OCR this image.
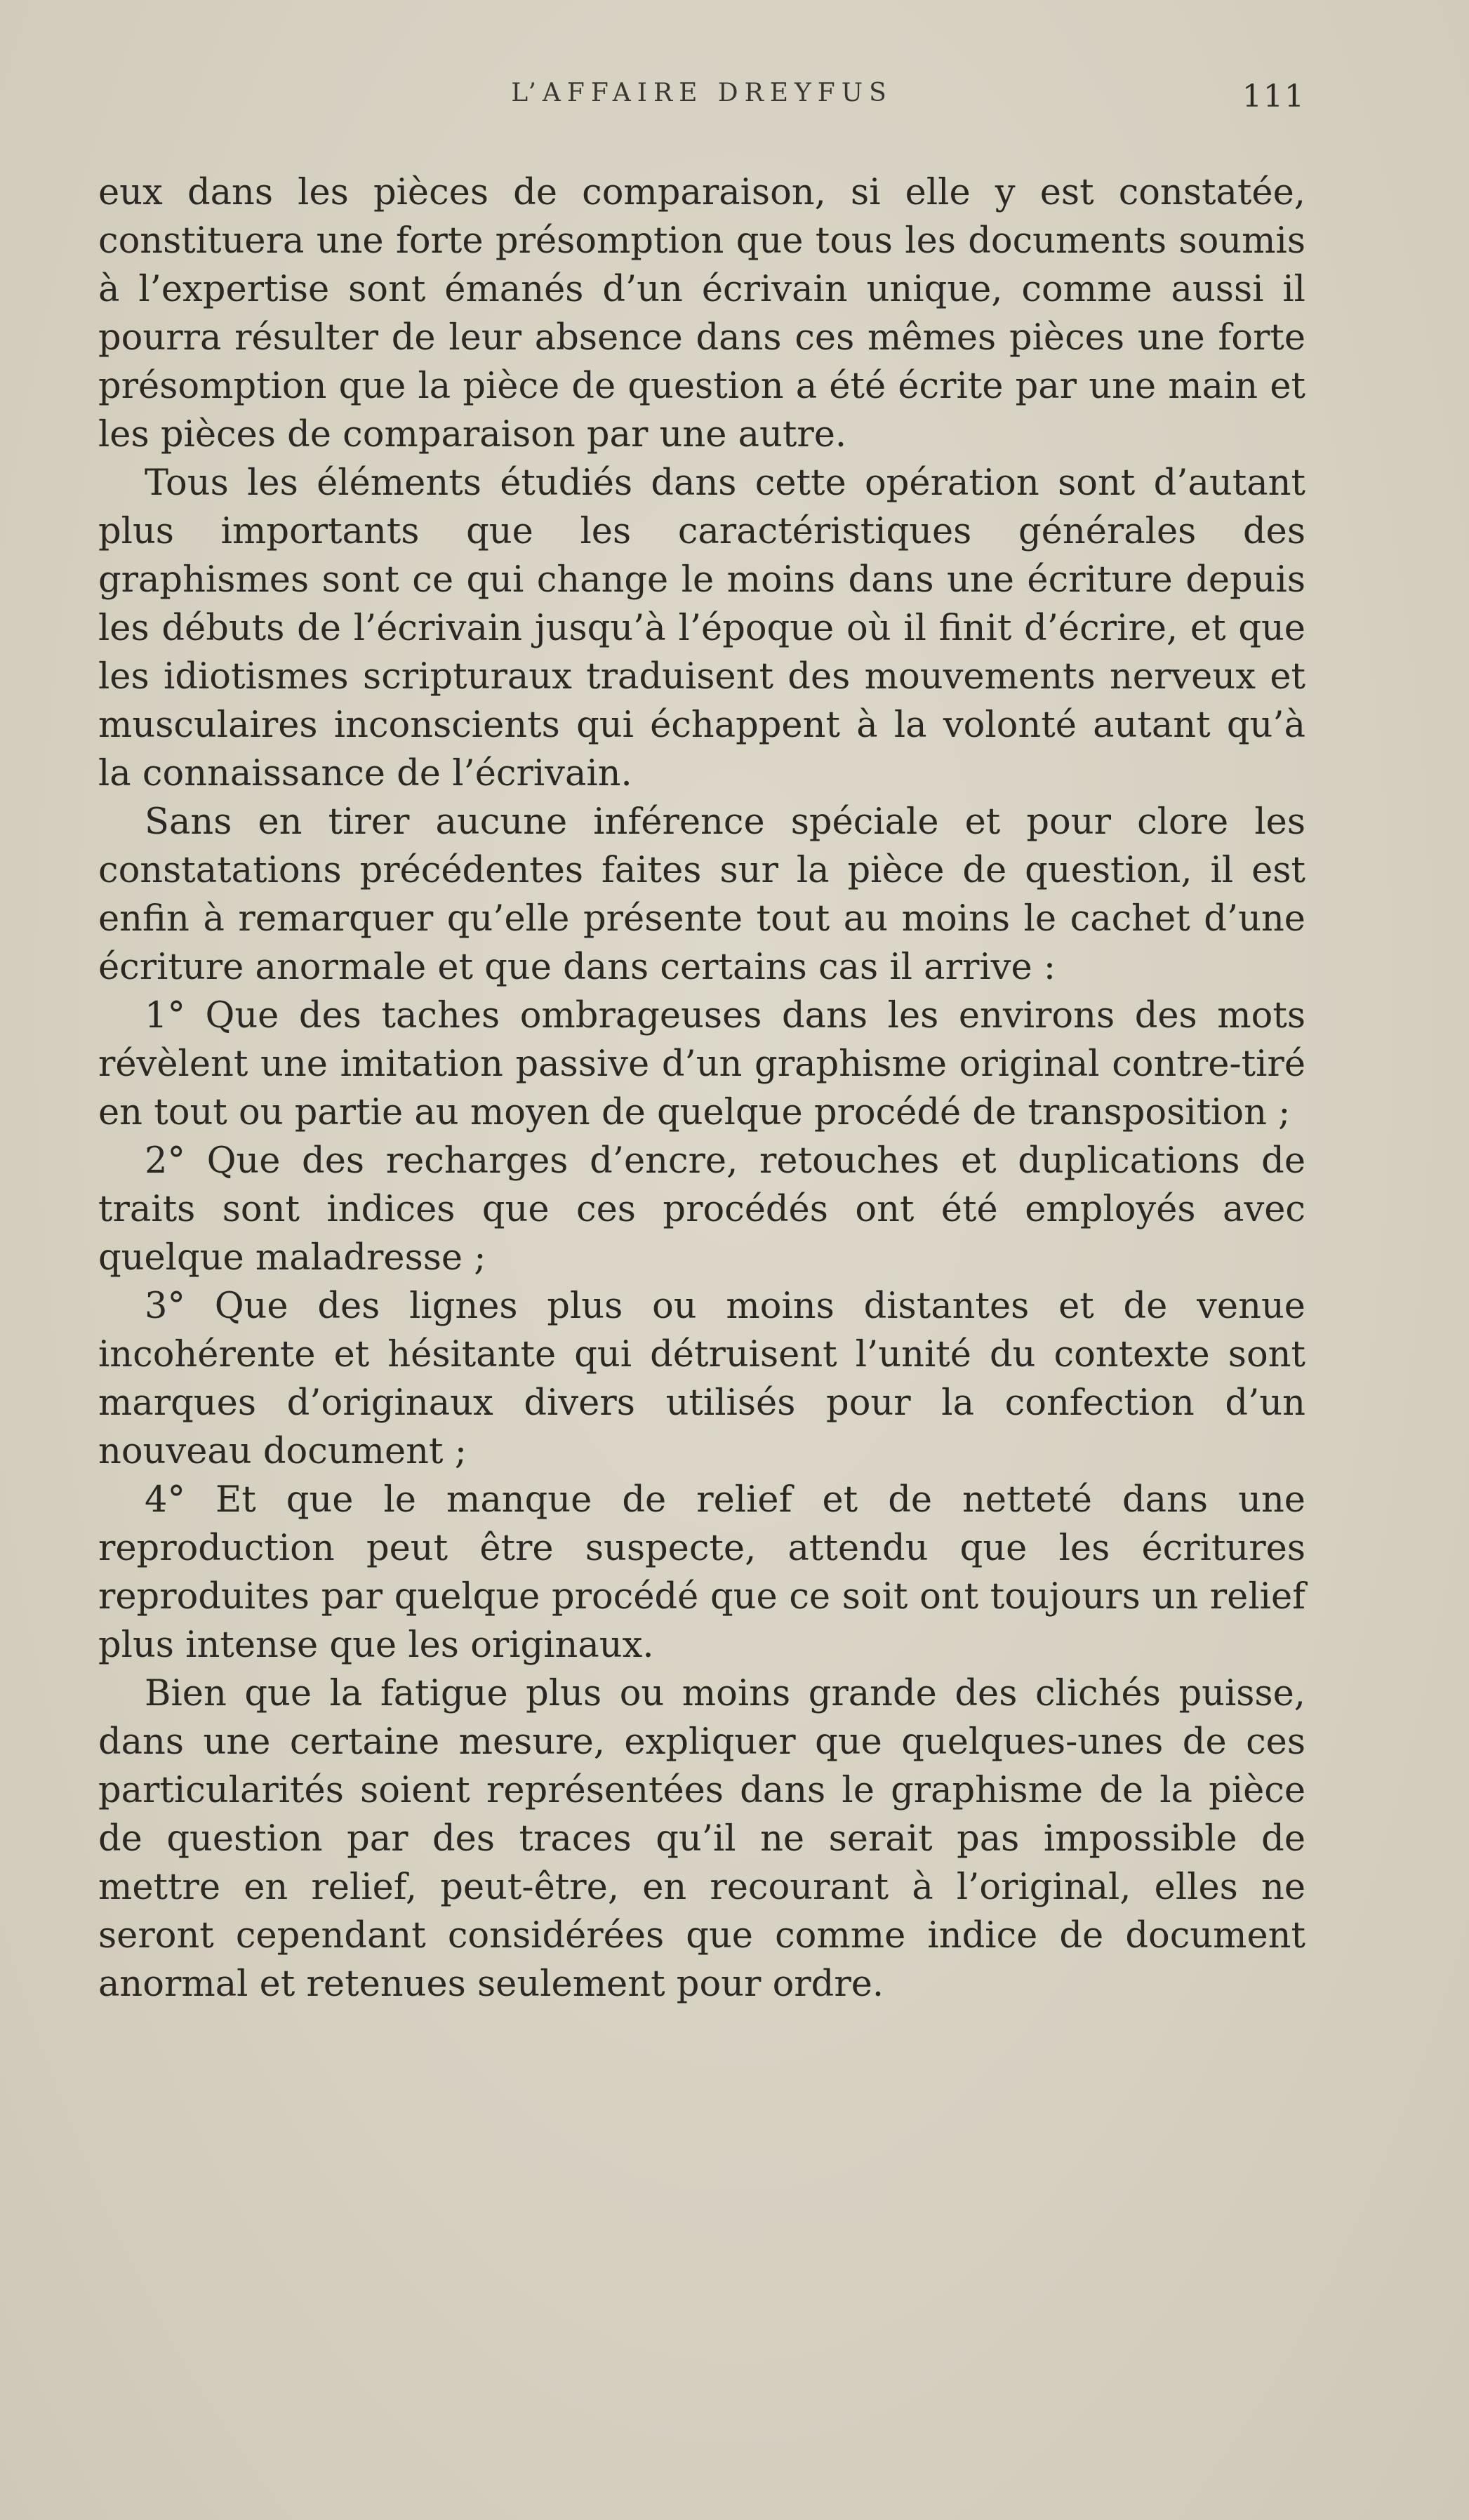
L’AFFAIRE DREYFUS	111

eux dans les pièces de comparaison, si elle y est constatée, constituera une forte présomption que tous les documents soumis à l’expertise sont émanés d’un écrivain unique, comme aussi il pourra résulter de leur absence dans ces mêmes pièces une forte présomption que la pièce de question a été écrite par une main et les pièces de comparaison par une autre.

Tous les éléments étudiés dans cette opération sont d’autant plus importants que les caractéristiques générales des graphismes sont ce qui change le moins dans une écriture depuis les débuts de l’écrivain jusqu’à l’époque où il finit d’écrire, et que les idiotismes scripturaux traduisent des mouvements nerveux et musculaires inconscients qui échappent à la volonté autant qu’à la connaissance de l’écrivain.

Sans en tirer aucune inférence spéciale et pour clore les constatations précédentes faites sur la pièce de question, il est enfin à remarquer qu’elle présente tout au moins le cachet d’une écriture anormale et que dans certains cas il arrive :

1° Que des taches ombrageuses dans les environs des mots révèlent une imitation passive d’un graphisme original contre-tiré en tout ou partie au moyen de quelque procédé de transposition ;

2° Que des recharges d’encre, retouches et duplications de traits sont indices que ces procédés ont été employés avec quelque maladresse ;

3° Que des lignes plus ou moins distantes et de venue incohérente et hésitante qui détruisent l’unité du contexte sont marques d’originaux divers utilisés pour la confection d’un nouveau document ;

4° Et que le manque de relief et de netteté dans une reproduction peut être suspecte, attendu que les écritures reproduites par quelque procédé que ce soit ont toujours un relief plus intense que les originaux.

Bien que la fatigue plus ou moins grande des clichés puisse, dans une certaine mesure, expliquer que quelques-unes de ces particularités soient représentées dans le graphisme de la pièce de question par des traces qu’il ne serait pas impossible de mettre en relief, peut-être, en recourant à l’original, elles ne seront cependant considérées que comme indice de document anormal et retenues seulement pour ordre.
